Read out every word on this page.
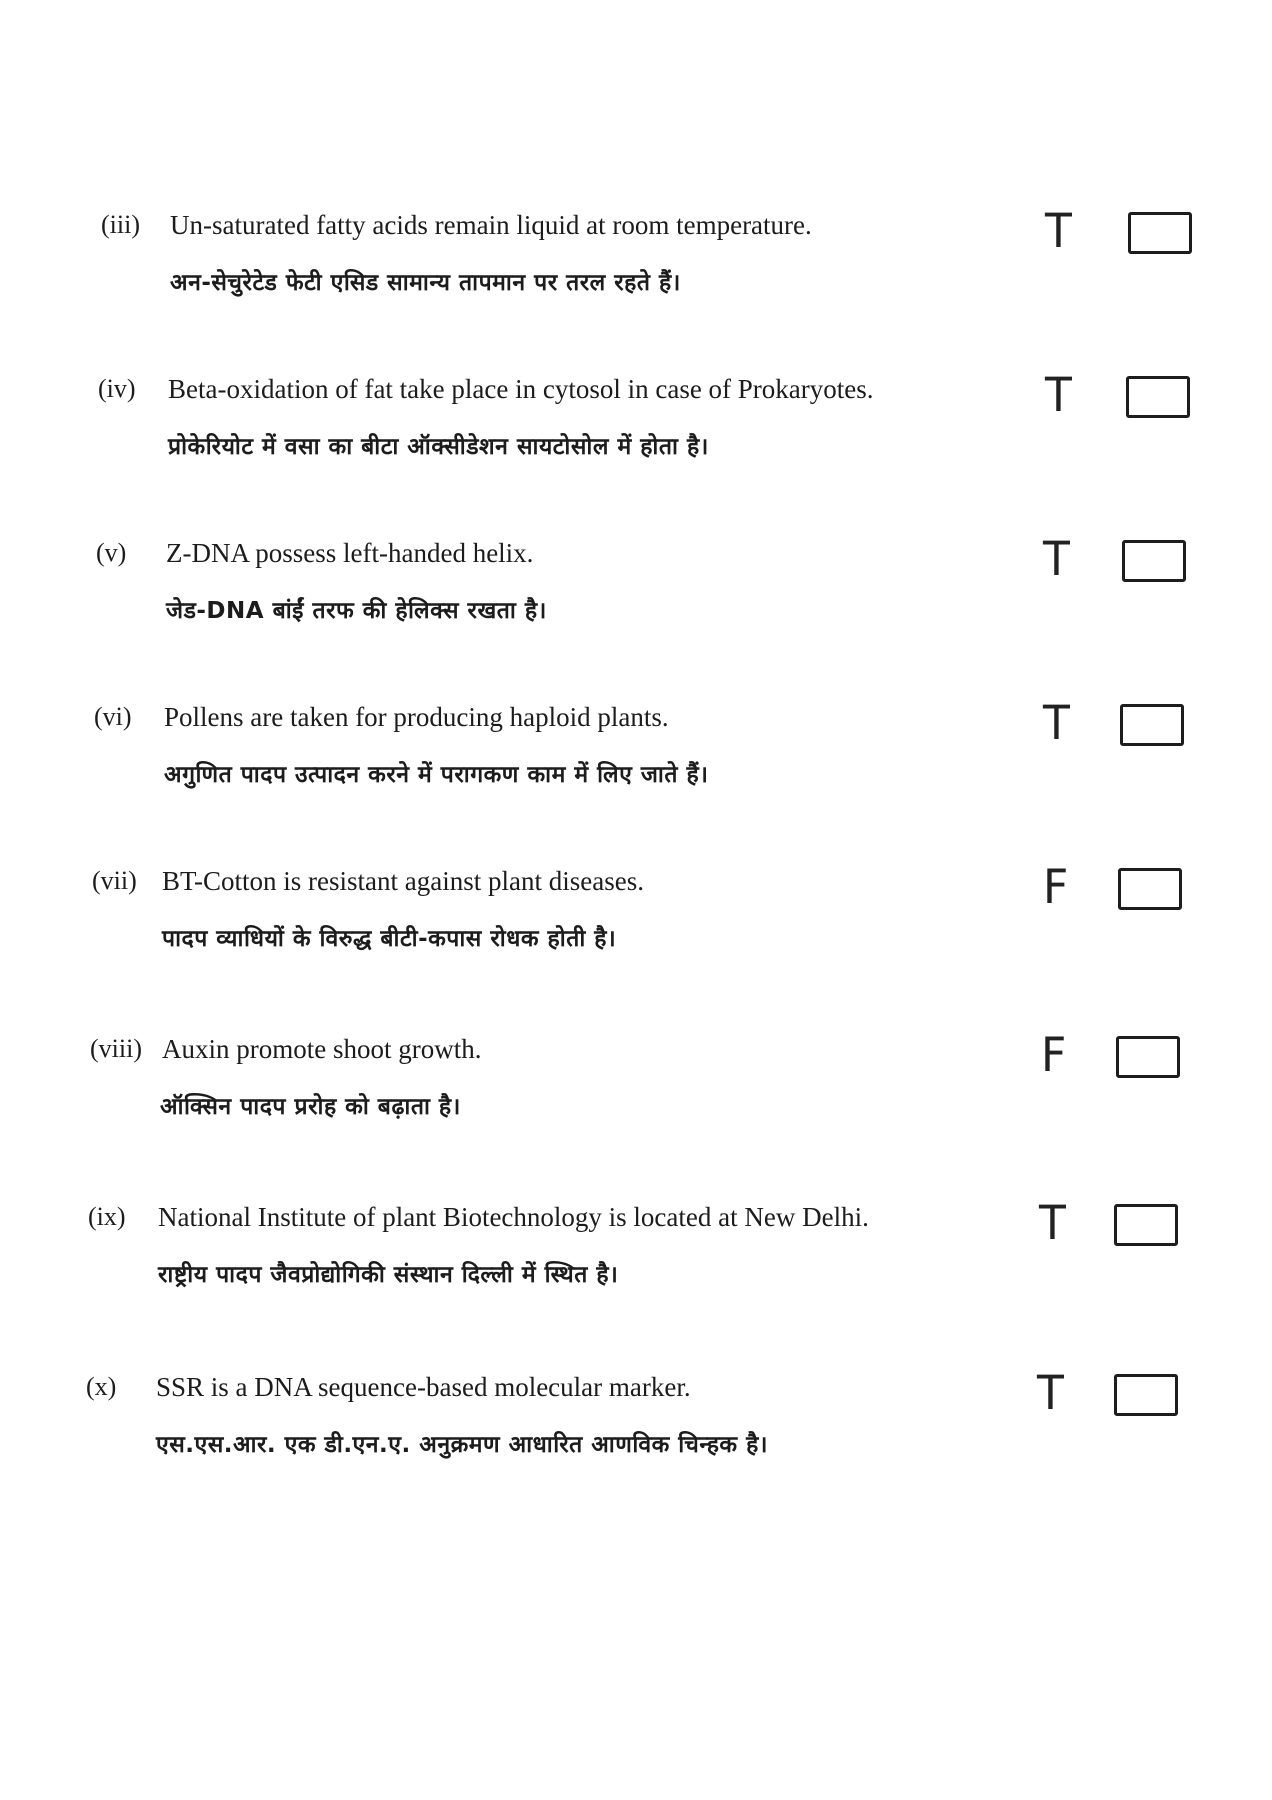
(iii) Un-saturated fatty acids remain liquid at room temperature.
अन-सेचुरेटेड फेटी एसिड सामान्य तापमान पर तरल रहते हैं।
T
(iv) Beta-oxidation of fat take place in cytosol in case of Prokaryotes.
प्रोकेरियोट में वसा का बीटा ऑक्सीडेशन सायटोसोल में होता है।
T
(v) Z-DNA possess left-handed helix.
जेड-DNA बांईं तरफ की हेलिक्स रखता है।
T
(vi) Pollens are taken for producing haploid plants.
अगुणित पादप उत्पादन करने में परागकण काम में लिए जाते हैं।
T
(vii) BT-Cotton is resistant against plant diseases.
पादप व्याधियों के विरुद्ध बीटी-कपास रोधक होती है।
F
(viii) Auxin promote shoot growth.
ऑक्सिन पादप प्ररोह को बढ़ाता है।
F
(ix) National Institute of plant Biotechnology is located at New Delhi.
राष्ट्रीय पादप जैवप्रोद्योगिकी संस्थान दिल्ली में स्थित है।
T
(x) SSR is a DNA sequence-based molecular marker.
एस.एस.आर. एक डी.एन.ए. अनुक्रमण आधारित आणविक चिन्हक है।
T
